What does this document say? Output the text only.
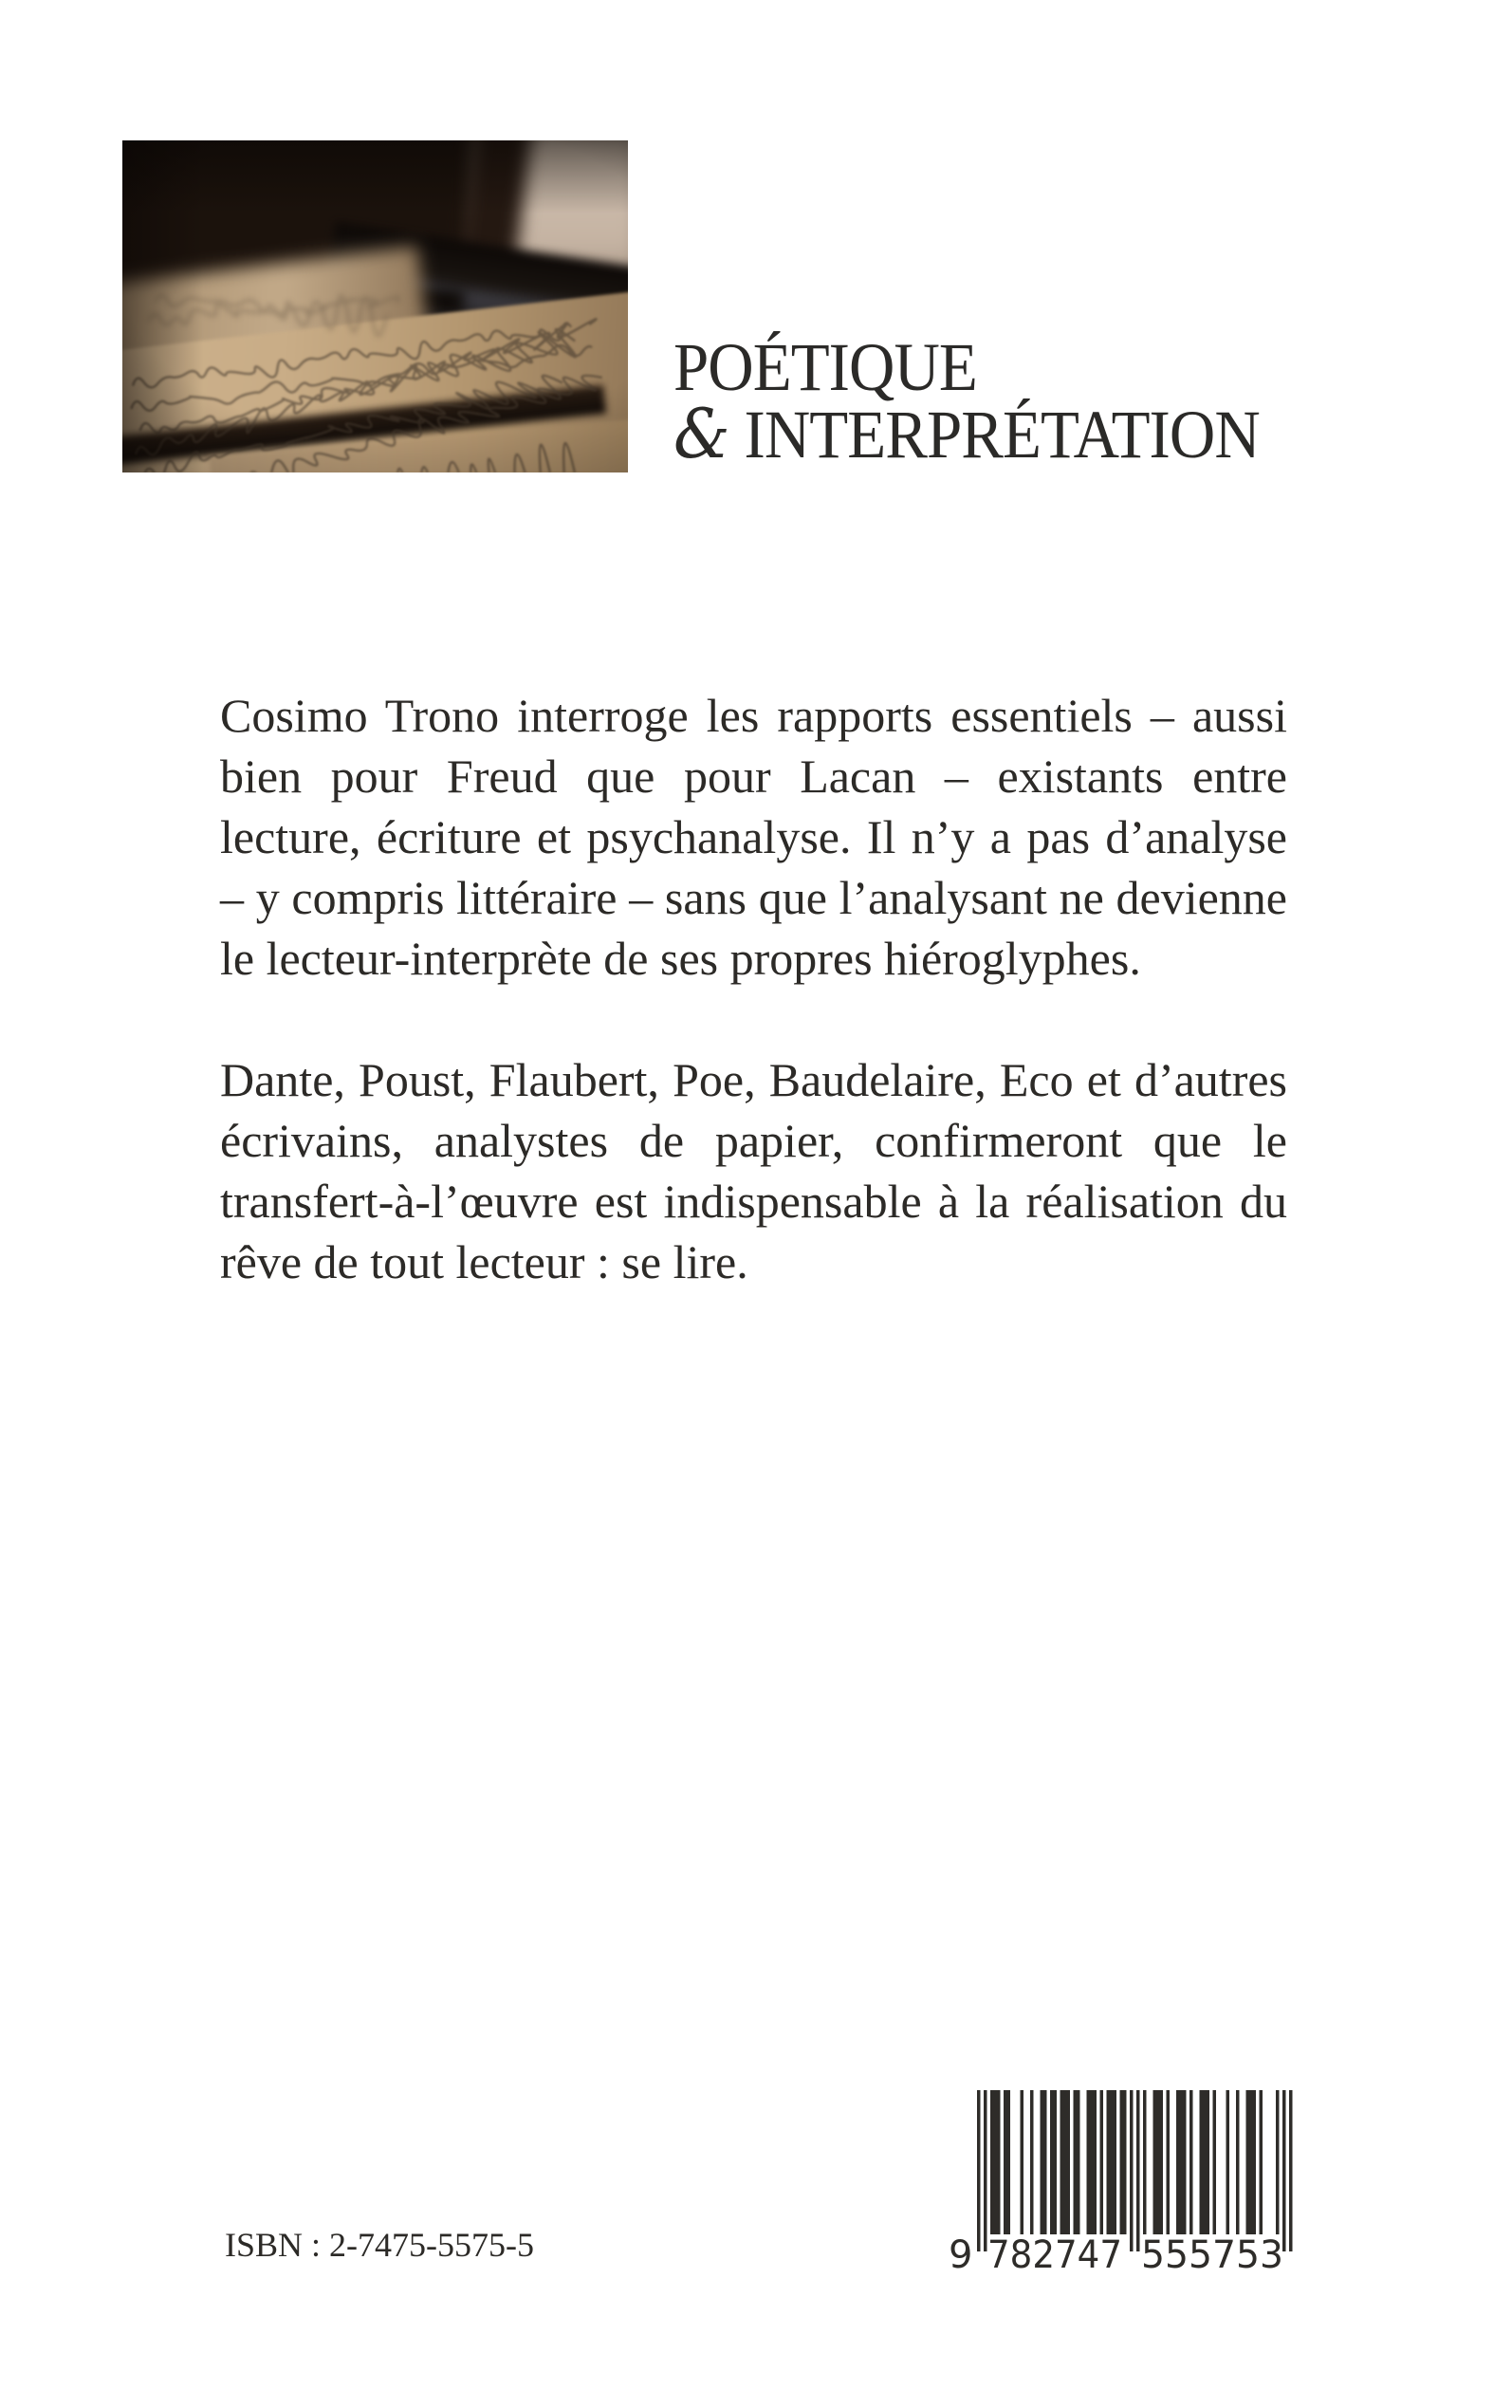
POÉTIQUE
& INTERPRÉTATION
Cosimo Trono interroge les rapports essentiels – aussi
bien pour Freud que pour Lacan – existants entre
lecture, écriture et psychanalyse. Il n’y a pas d’analyse
– y compris littéraire – sans que l’analysant ne devienne
le lecteur-interprète de ses propres hiéroglyphes.
Dante, Poust, Flaubert, Poe, Baudelaire, Eco et d’autres
écrivains, analystes de papier, confirmeront que le
transfert-à-l’œuvre est indispensable à la réalisation du
rêve de tout lecteur : se lire.
ISBN : 2-7475-5575-5	9 782747 555753
